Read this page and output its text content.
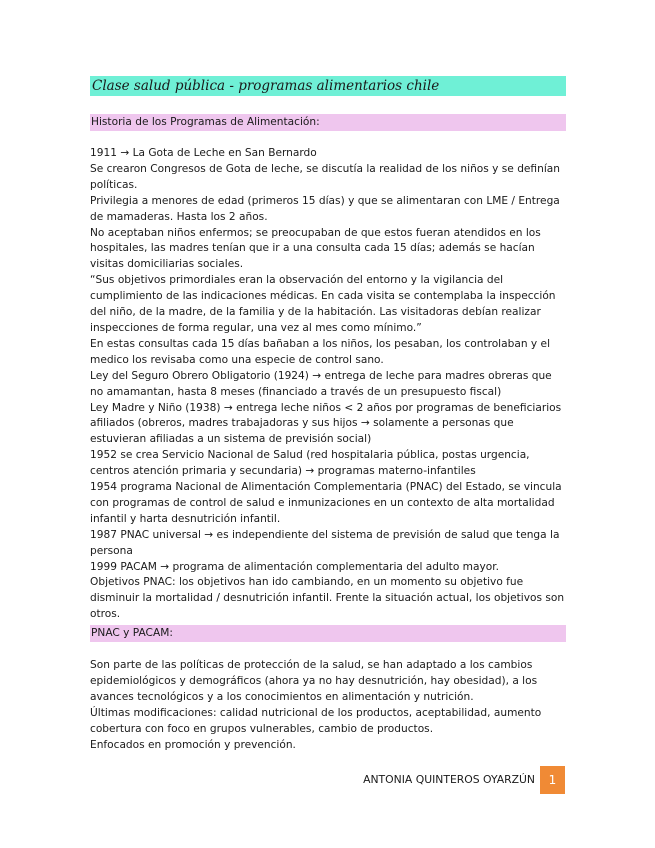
Clase salud pública - programas alimentarios chile
Historia de los Programas de Alimentación:
1911 → La Gota de Leche en San Bernardo
Se crearon Congresos de Gota de leche, se discutía la realidad de los niños y se definían políticas.
Privilegia a menores de edad (primeros 15 días) y que se alimentaran con LME / Entrega de mamaderas. Hasta los 2 años.
No aceptaban niños enfermos; se preocupaban de que estos fueran atendidos en los hospitales, las madres tenían que ir a una consulta cada 15 días; además se hacían visitas domiciliarias sociales.
“Sus objetivos primordiales eran la observación del entorno y la vigilancia del cumplimiento de las indicaciones médicas. En cada visita se contemplaba la inspección del niño, de la madre, de la familia y de la habitación. Las visitadoras debían realizar inspecciones de forma regular, una vez al mes como mínimo.”
En estas consultas cada 15 días bañaban a los niños, los pesaban, los controlaban y el medico los revisaba como una especie de control sano.
Ley del Seguro Obrero Obligatorio (1924) → entrega de leche para madres obreras que no amamantan, hasta 8 meses (financiado a través de un presupuesto fiscal)
Ley Madre y Niño (1938) → entrega leche niños < 2 años por programas de beneficiarios afiliados (obreros, madres trabajadoras y sus hijos → solamente a personas que estuvieran afiliadas a un sistema de previsión social)
1952 se crea Servicio Nacional de Salud (red hospitalaria pública, postas urgencia, centros atención primaria y secundaria) → programas materno-infantiles
1954 programa Nacional de Alimentación Complementaria (PNAC) del Estado, se vincula con programas de control de salud e inmunizaciones en un contexto de alta mortalidad infantil y harta desnutrición infantil.
1987 PNAC universal → es independiente del sistema de previsión de salud que tenga la persona
1999 PACAM → programa de alimentación complementaria del adulto mayor.
Objetivos PNAC: los objetivos han ido cambiando, en un momento su objetivo fue disminuir la mortalidad / desnutrición infantil. Frente la situación actual, los objetivos son otros.
PNAC y PACAM:
Son parte de las políticas de protección de la salud, se han adaptado a los cambios epidemiológicos y demográficos (ahora ya no hay desnutrición, hay obesidad), a los avances tecnológicos y a los conocimientos en alimentación y nutrición.
Últimas modificaciones: calidad nutricional de los productos, aceptabilidad, aumento cobertura con foco en grupos vulnerables, cambio de productos.
Enfocados en promoción y prevención.
ANTONIA QUINTEROS OYARZÚN	1
